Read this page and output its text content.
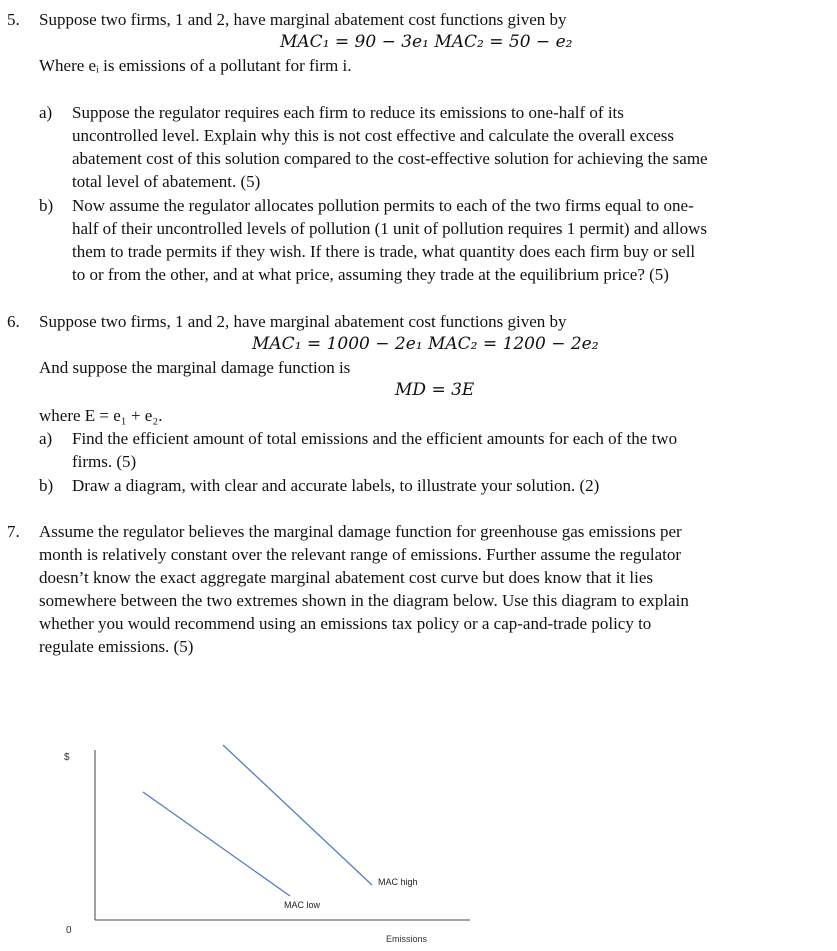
5. Suppose two firms, 1 and 2, have marginal abatement cost functions given by
MAC₁ = 90 − 3e₁ MAC₂ = 50 − e₂
Where eᵢ is emissions of a pollutant for firm i.
a) Suppose the regulator requires each firm to reduce its emissions to one-half of its
uncontrolled level. Explain why this is not cost effective and calculate the overall excess
abatement cost of this solution compared to the cost-effective solution for achieving the same
total level of abatement. (5)
b) Now assume the regulator allocates pollution permits to each of the two firms equal to one-
half of their uncontrolled levels of pollution (1 unit of pollution requires 1 permit) and allows
them to trade permits if they wish. If there is trade, what quantity does each firm buy or sell
to or from the other, and at what price, assuming they trade at the equilibrium price? (5)
6. Suppose two firms, 1 and 2, have marginal abatement cost functions given by
MAC₁ = 1000 − 2e₁ MAC₂ = 1200 − 2e₂
And suppose the marginal damage function is
MD = 3E
where E = e₁ + e₂.
a) Find the efficient amount of total emissions and the efficient amounts for each of the two
firms. (5)
b) Draw a diagram, with clear and accurate labels, to illustrate your solution. (2)
7. Assume the regulator believes the marginal damage function for greenhouse gas emissions per
month is relatively constant over the relevant range of emissions. Further assume the regulator
doesn’t know the exact aggregate marginal abatement cost curve but does know that it lies
somewhere between the two extremes shown in the diagram below. Use this diagram to explain
whether you would recommend using an emissions tax policy or a cap-and-trade policy to
regulate emissions. (5)
$
0
Emissions
MAC low
MAC high
